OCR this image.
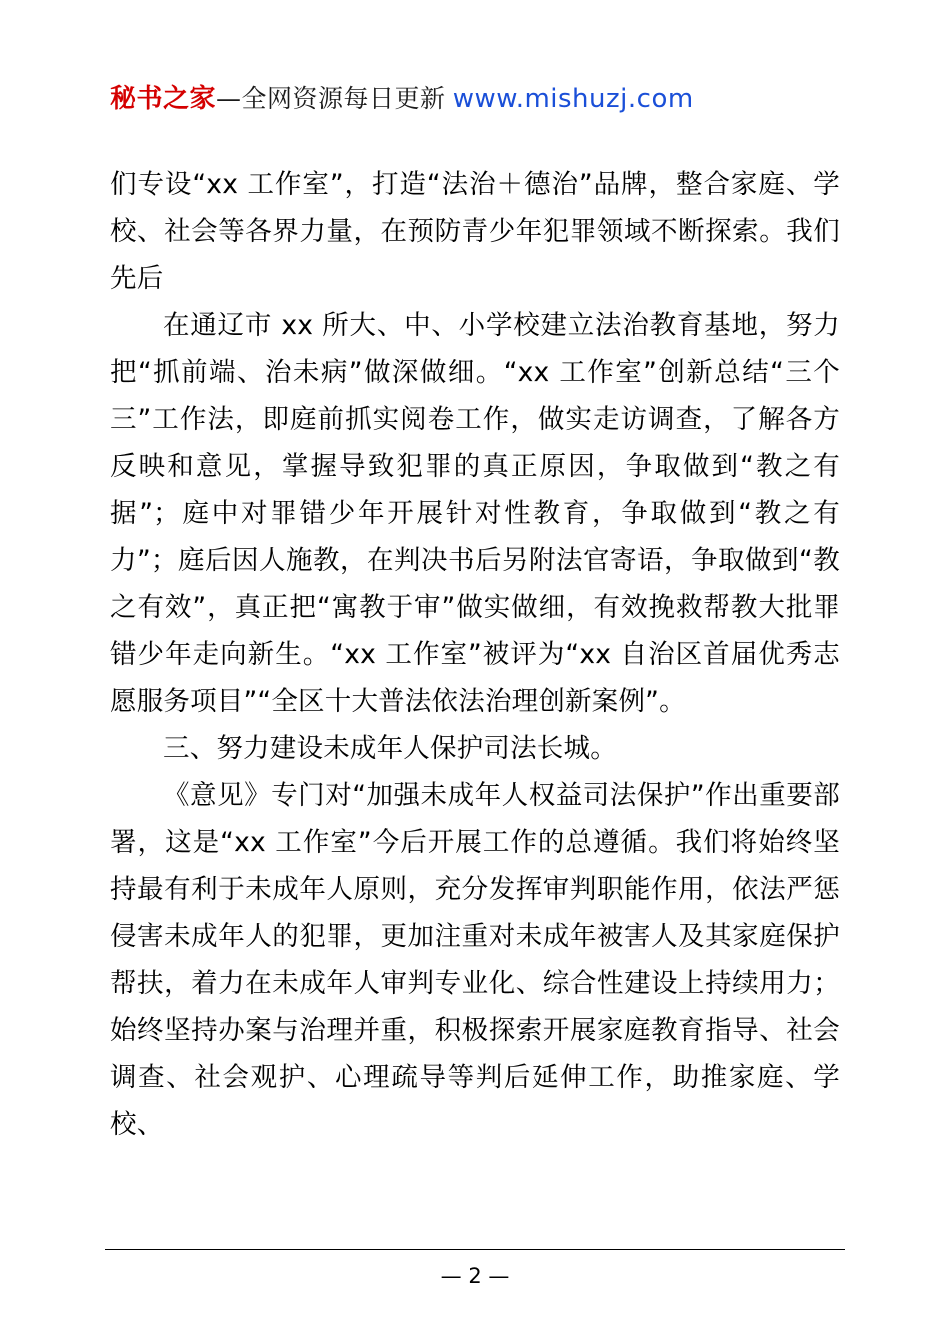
秘书之家—全网资源每日更新 www.mishuzj.com

们专设“xx 工作室”，打造“法治＋德治”品牌，整合家庭、学校、社会等各界力量，在预防青少年犯罪领域不断探索。我们先后

在通辽市 xx 所大、中、小学校建立法治教育基地，努力把“抓前端、治未病”做深做细。“xx 工作室”创新总结“三个三”工作法，即庭前抓实阅卷工作，做实走访调查，了解各方反映和意见，掌握导致犯罪的真正原因，争取做到“教之有据”；庭中对罪错少年开展针对性教育，争取做到“教之有力”；庭后因人施教，在判决书后另附法官寄语，争取做到“教之有效”，真正把“寓教于审”做实做细，有效挽救帮教大批罪错少年走向新生。“xx 工作室”被评为“xx 自治区首届优秀志愿服务项目”“全区十大普法依法治理创新案例”。

三、努力建设未成年人保护司法长城。

《意见》专门对“加强未成年人权益司法保护”作出重要部署，这是“xx 工作室”今后开展工作的总遵循。我们将始终坚持最有利于未成年人原则，充分发挥审判职能作用，依法严惩侵害未成年人的犯罪，更加注重对未成年被害人及其家庭保护帮扶，着力在未成年人审判专业化、综合性建设上持续用力；始终坚持办案与治理并重，积极探索开展家庭教育指导、社会调查、社会观护、心理疏导等判后延伸工作，助推家庭、学校、

— 2 —
